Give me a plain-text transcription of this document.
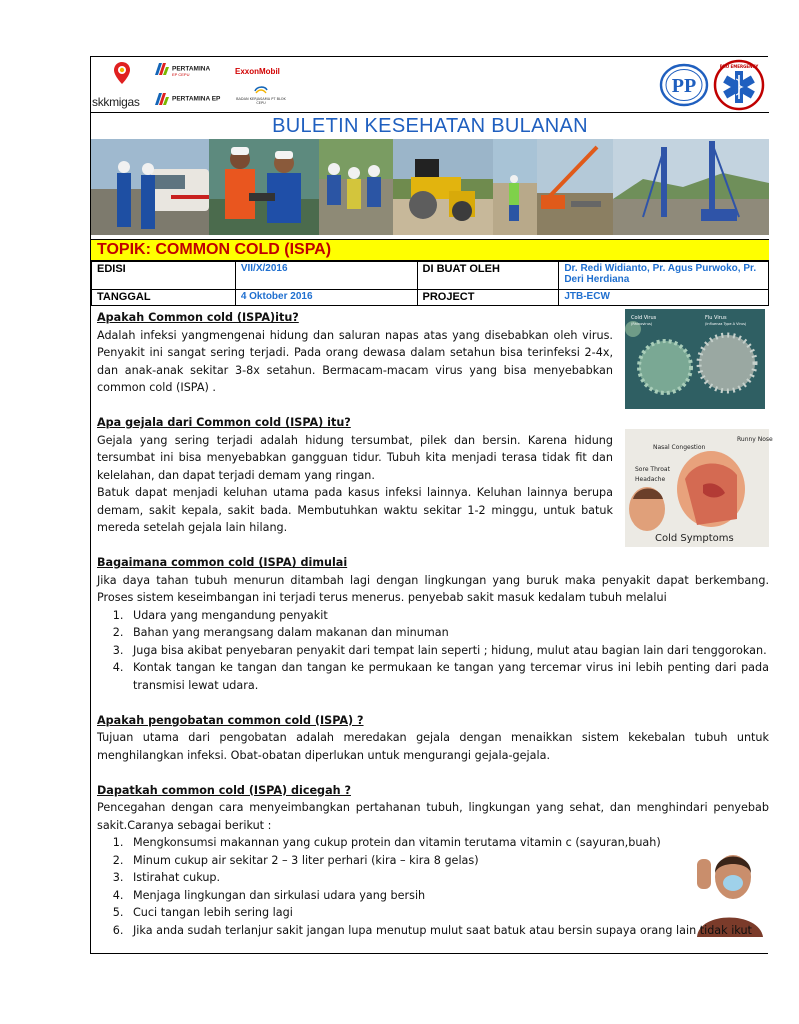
skkmigas
PERTAMINA
EP CEPU
PERTAMINA EP
ExxonMobil
BADAN KERJASAMA PT BLOK CEPU
PP
PRO EMERGENCY
BULETIN KESEHATAN BULANAN
TOPIK: COMMON COLD (ISPA)
EDISI	VII/X/2016	DI BUAT OLEH	Dr. Redi Widianto, Pr. Agus Purwoko, Pr. Deri Herdiana
TANGGAL	4 Oktober 2016	PROJECT	JTB-ECW
Cold Virus
(Rhinovirus)
Flu Virus
(Influenza Type A Virus)
Nasal Congestion
Runny Nose
Sore Throat
Headache
Cold Symptoms
Apakah Common cold (ISPA)itu?

Adalah infeksi yangmengenai hidung dan saluran napas atas yang disebabkan oleh virus. Penyakit ini sangat sering terjadi. Pada orang dewasa dalam setahun bisa terinfeksi 2-4x, dan anak-anak sekitar 3-8x setahun. Bermacam-macam virus yang bisa menyebabkan common cold (ISPA) .

Apa gejala dari Common cold (ISPA) itu?

Gejala yang sering terjadi adalah hidung tersumbat, pilek dan bersin. Karena hidung tersumbat ini bisa menyebabkan gangguan tidur. Tubuh kita menjadi terasa tidak fit dan kelelahan, dan dapat terjadi demam yang ringan.

Batuk dapat menjadi keluhan utama pada kasus infeksi lainnya. Keluhan lainnya berupa demam, sakit kepala, sakit bada. Membutuhkan waktu sekitar 1-2 minggu, untuk batuk mereda setelah gejala lain hilang.

Bagaimana common cold (ISPA) dimulai

Jika daya tahan tubuh menurun ditambah lagi dengan lingkungan yang buruk maka penyakit dapat berkembang. Proses sistem keseimbangan ini terjadi terus menerus. penyebab sakit masuk kedalam tubuh melalui

1. Udara yang mengandung penyakit
2. Bahan yang merangsang dalam makanan dan minuman
3. Juga bisa akibat penyebaran penyakit dari tempat lain seperti ; hidung, mulut atau bagian lain dari tenggorokan.
4. Kontak tangan ke tangan dan tangan ke permukaan ke tangan yang tercemar virus ini lebih penting dari pada transmisi lewat udara.
Apakah pengobatan common cold (ISPA) ?

Tujuan utama dari pengobatan adalah meredakan gejala dengan menaikkan sistem kekebalan tubuh untuk menghilangkan infeksi. Obat-obatan diperlukan untuk mengurangi gejala-gejala.

Dapatkah common cold (ISPA) dicegah ?

Pencegahan dengan cara menyeimbangkan pertahanan tubuh, lingkungan yang sehat, dan menghindari penyebab sakit.Caranya sebagai berikut :

1. Mengkonsumsi makannan yang cukup protein dan vitamin terutama vitamin c (sayuran,buah)
2. Minum cukup air sekitar 2 – 3 liter perhari (kira – kira 8 gelas)
3. Istirahat cukup.
4. Menjaga lingkungan dan sirkulasi udara yang bersih
5. Cuci tangan lebih sering lagi
6. Jika anda sudah terlanjur sakit jangan lupa menutup mulut saat batuk atau bersin supaya orang lain tidak ikut
